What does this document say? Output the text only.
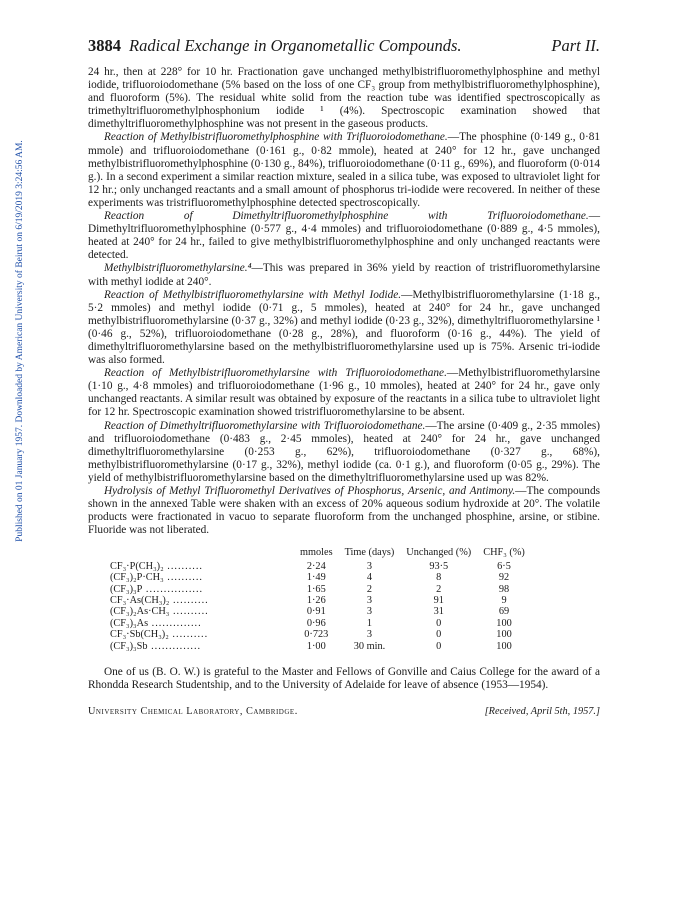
Published on 01 January 1957. Downloaded by American University of Beirut on 6/19/2019 3:24:56 AM.
3884 Radical Exchange in Organometallic Compounds.	Part II.

24 hr., then at 228° for 10 hr. Fractionation gave unchanged methylbistrifluoromethylphosphine and methyl iodide, trifluoroiodomethane (5% based on the loss of one CF₃ group from methylbistrifluoromethylphosphine), and fluoroform (5%). The residual white solid from the reaction tube was identified spectroscopically as trimethyltrifluoromethylphosphonium iodide ¹ (4%). Spectroscopic examination showed that dimethyltrifluoromethylphosphine was not present in the gaseous products.

Reaction of Methylbistrifluoromethylphosphine with Trifluoroiodomethane.—The phosphine (0·149 g., 0·81 mmole) and trifluoroiodomethane (0·161 g., 0·82 mmole), heated at 240° for 12 hr., gave unchanged methylbistrifluoromethylphosphine (0·130 g., 84%), trifluoroiodomethane (0·11 g., 69%), and fluoroform (0·014 g.). In a second experiment a similar reaction mixture, sealed in a silica tube, was exposed to ultraviolet light for 12 hr.; only unchanged reactants and a small amount of phosphorus tri-iodide were recovered. In neither of these experiments was tristrifluoromethylphosphine detected spectroscopically.

Reaction of Dimethyltrifluoromethylphosphine with Trifluoroiodomethane.—Dimethyltrifluoromethylphosphine (0·577 g., 4·4 mmoles) and trifluoroiodomethane (0·889 g., 4·5 mmoles), heated at 240° for 24 hr., failed to give methylbistrifluoromethylphosphine and only unchanged reactants were detected.

Methylbistrifluoromethylarsine.⁴—This was prepared in 36% yield by reaction of tristrifluoromethylarsine with methyl iodide at 240°.

Reaction of Methylbistrifluoromethylarsine with Methyl Iodide.—Methylbistrifluoromethylarsine (1·18 g., 5·2 mmoles) and methyl iodide (0·71 g., 5 mmoles), heated at 240° for 24 hr., gave unchanged methylbistrifluoromethylarsine (0·37 g., 32%) and methyl iodide (0·23 g., 32%), dimethyltrifluoromethylarsine ¹ (0·46 g., 52%), trifluoroiodomethane (0·28 g., 28%), and fluoroform (0·16 g., 44%). The yield of dimethyltrifluoromethylarsine based on the methylbistrifluoromethylarsine used up is 75%. Arsenic tri-iodide was also formed.

Reaction of Methylbistrifluoromethylarsine with Trifluoroiodomethane.—Methylbistrifluoromethylarsine (1·10 g., 4·8 mmoles) and trifluoroiodomethane (1·96 g., 10 mmoles), heated at 240° for 24 hr., gave only unchanged reactants. A similar result was obtained by exposure of the reactants in a silica tube to ultraviolet light for 12 hr. Spectroscopic examination showed tristrifluoromethylarsine to be absent.

Reaction of Dimethyltrifluoromethylarsine with Trifluoroiodomethane.—The arsine (0·409 g., 2·35 mmoles) and trifluoroiodomethane (0·483 g., 2·45 mmoles), heated at 240° for 24 hr., gave unchanged dimethyltrifluoromethylarsine (0·253 g., 62%), trifluoroiodomethane (0·327 g., 68%), methylbistrifluoromethylarsine (0·17 g., 32%), methyl iodide (ca. 0·1 g.), and fluoroform (0·05 g., 29%). The yield of methylbistrifluoromethylarsine based on the dimethyltrifluoromethylarsine used up was 82%.

Hydrolysis of Methyl Trifluoromethyl Derivatives of Phosphorus, Arsenic, and Antimony.—The compounds shown in the annexed Table were shaken with an excess of 20% aqueous sodium hydroxide at 20°. The volatile products were fractionated in vacuo to separate fluoroform from the unchanged phosphine, arsine, or stibine. Fluoride was not liberated.

	mmoles	Time (days)	Unchanged (%)	CHF₃ (%)
CF₃·P(CH₃)₂ ..........	2·24	3	93·5	6·5
(CF₃)₂P·CH₃ ..........	1·49	4	8	92
(CF₃)₃P ................	1·65	2	2	98
CF₃·As(CH₃)₂ ..........	1·26	3	91	9
(CF₃)₂As·CH₃ ..........	0·91	3	31	69
(CF₃)₃As ..............	0·96	1	0	100
CF₃·Sb(CH₃)₂ ..........	0·723	3	0	100
(CF₃)₃Sb ..............	1·00	30 min.	0	100

One of us (B. O. W.) is grateful to the Master and Fellows of Gonville and Caius College for the award of a Rhondda Research Studentship, and to the University of Adelaide for leave of absence (1953—1954).

University Chemical Laboratory, Cambridge.	[Received, April 5th, 1957.]
